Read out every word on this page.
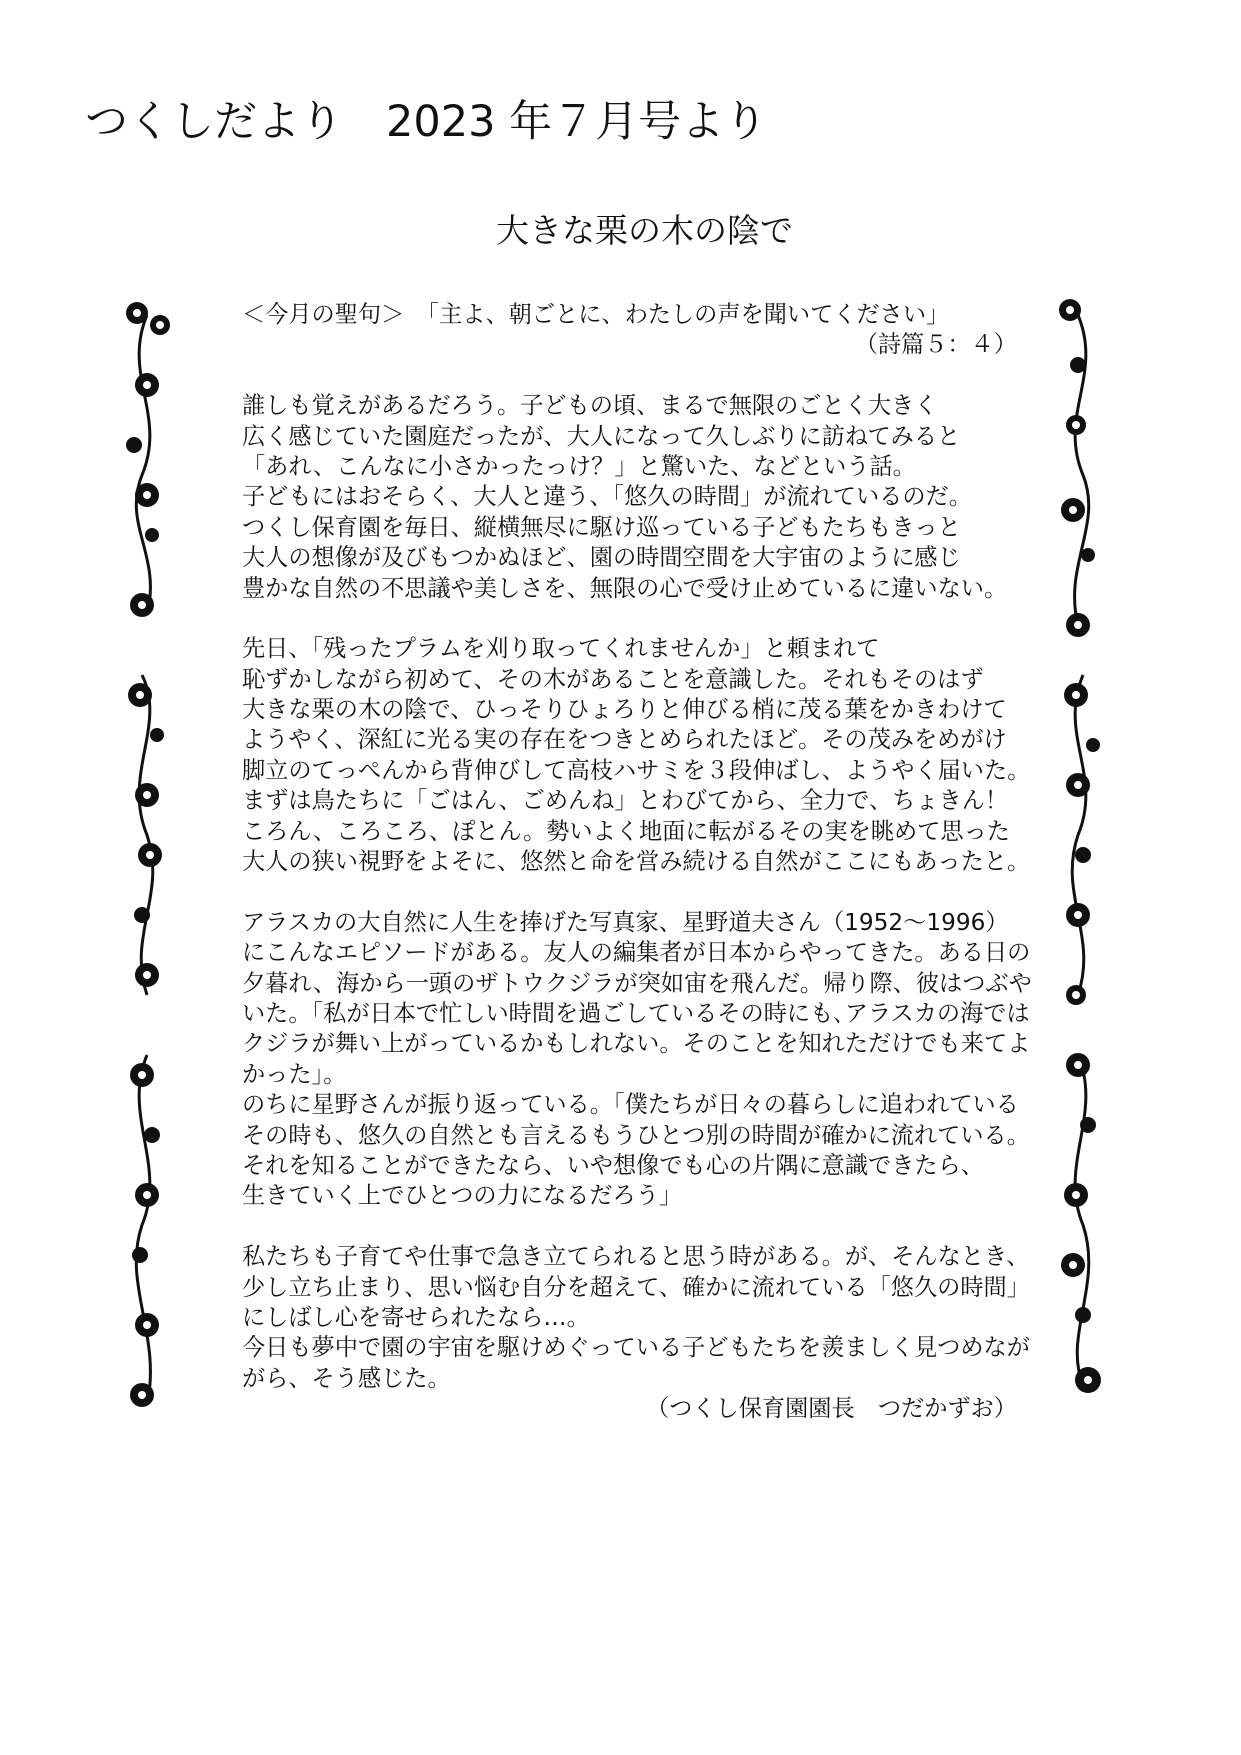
つくしだより　2023 年７月号より
大きな栗の木の陰で
＜今月の聖句＞　「主よ、朝ごとに、わたしの声を聞いてください」
（詩篇５：４）
誰しも覚えがあるだろう。子どもの頃、まるで無限のごとく大きく
広く感じていた園庭だったが、大人になって久しぶりに訪ねてみると
「あれ、こんなに小さかったっけ？」と驚いた、などという話。
子どもにはおそらく、大人と違う、「悠久の時間」が流れているのだ。
つくし保育園を毎日、縦横無尽に駆け巡っている子どもたちもきっと
大人の想像が及びもつかぬほど、園の時間空間を大宇宙のように感じ
豊かな自然の不思議や美しさを、無限の心で受け止めているに違いない。
先日、「残ったプラムを刈り取ってくれませんか」と頼まれて
恥ずかしながら初めて、その木があることを意識した。それもそのはず
大きな栗の木の陰で、ひっそりひょろりと伸びる梢に茂る葉をかきわけて
ようやく、深紅に光る実の存在をつきとめられたほど。その茂みをめがけ
脚立のてっぺんから背伸びして高枝ハサミを３段伸ばし、ようやく届いた。
まずは鳥たちに「ごはん、ごめんね」とわびてから、全力で、ちょきん！
ころん、ころころ、ぽとん。勢いよく地面に転がるその実を眺めて思った
大人の狭い視野をよそに、悠然と命を営み続ける自然がここにもあったと。
アラスカの大自然に人生を捧げた写真家、星野道夫さん（1952〜1996）
にこんなエピソードがある。友人の編集者が日本からやってきた。ある日の
夕暮れ、海から一頭のザトウクジラが突如宙を飛んだ。帰り際、彼はつぶや
いた。｢私が日本で忙しい時間を過ごしているその時にも､アラスカの海では
クジラが舞い上がっているかもしれない。そのことを知れただけでも来てよ
かった」。
のちに星野さんが振り返っている。｢僕たちが日々の暮らしに追われている
その時も、悠久の自然とも言えるもうひとつ別の時間が確かに流れている。
それを知ることができたなら、いや想像でも心の片隅に意識できたら、
生きていく上でひとつの力になるだろう」
私たちも子育てや仕事で急き立てられると思う時がある。が、そんなとき、
少し立ち止まり、思い悩む自分を超えて、確かに流れている「悠久の時間」
にしばし心を寄せられたなら…。
今日も夢中で園の宇宙を駆けめぐっている子どもたちを羨ましく見つめなが
がら、そう感じた。
（つくし保育園園長　つだかずお）
